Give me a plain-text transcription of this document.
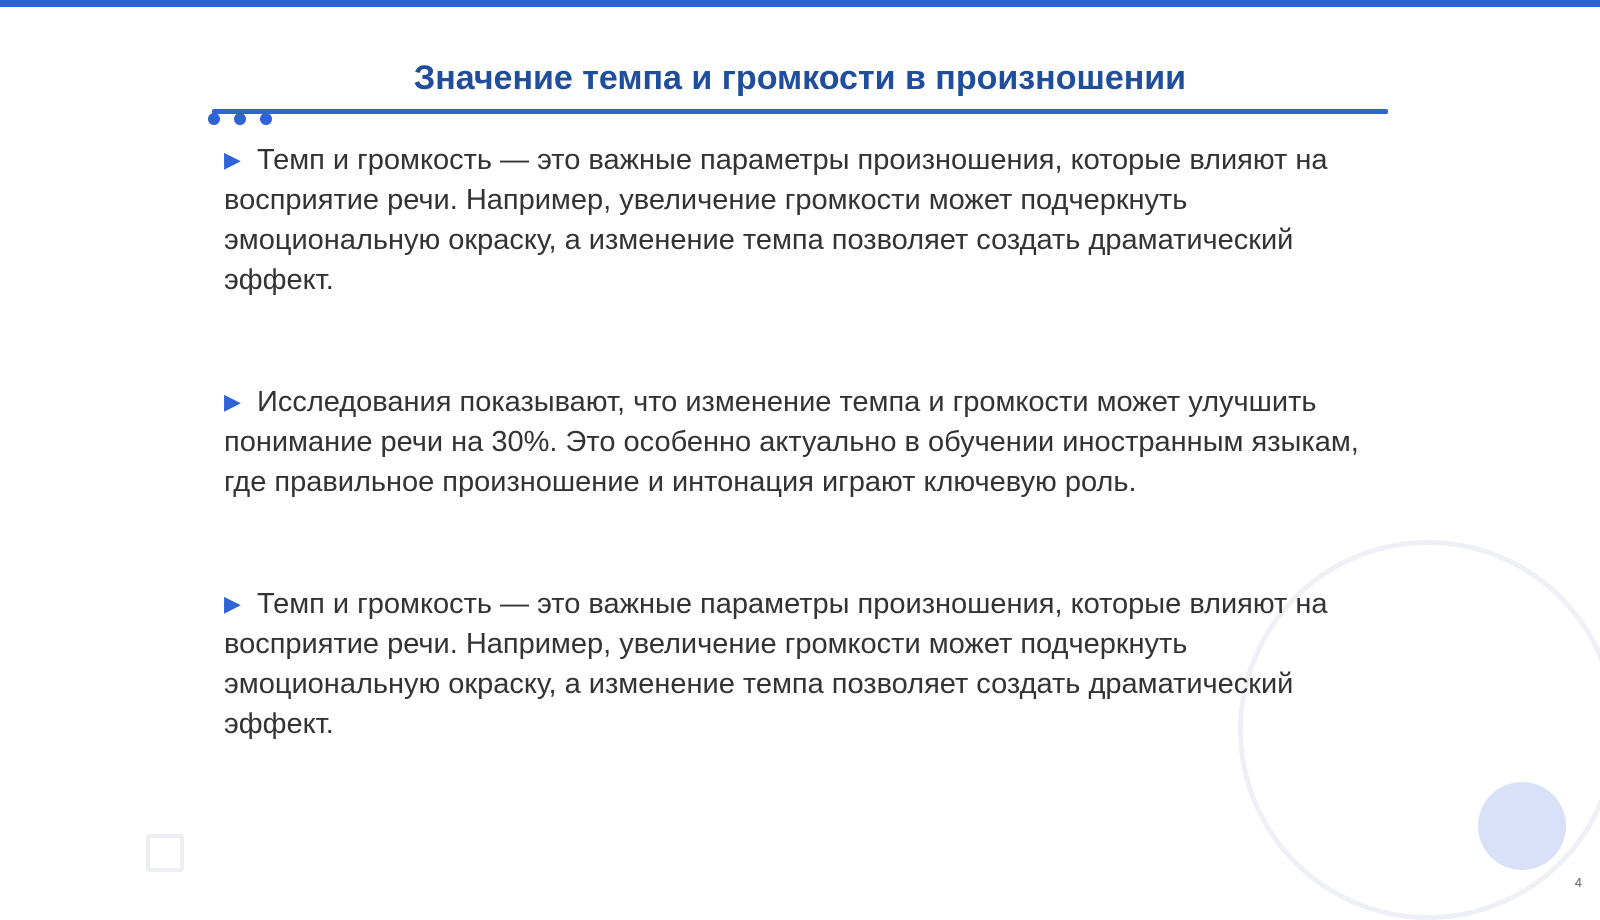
Значение темпа и громкости в произношении

▶ Темп и громкость — это важные параметры произношения, которые влияют на восприятие речи. Например, увеличение громкости может подчеркнуть эмоциональную окраску, а изменение темпа позволяет создать драматический эффект.

▶ Исследования показывают, что изменение темпа и громкости может улучшить понимание речи на 30%. Это особенно актуально в обучении иностранным языкам, где правильное произношение и интонация играют ключевую роль.

▶ Темп и громкость — это важные параметры произношения, которые влияют на восприятие речи. Например, увеличение громкости может подчеркнуть эмоциональную окраску, а изменение темпа позволяет создать драматический эффект.

4
